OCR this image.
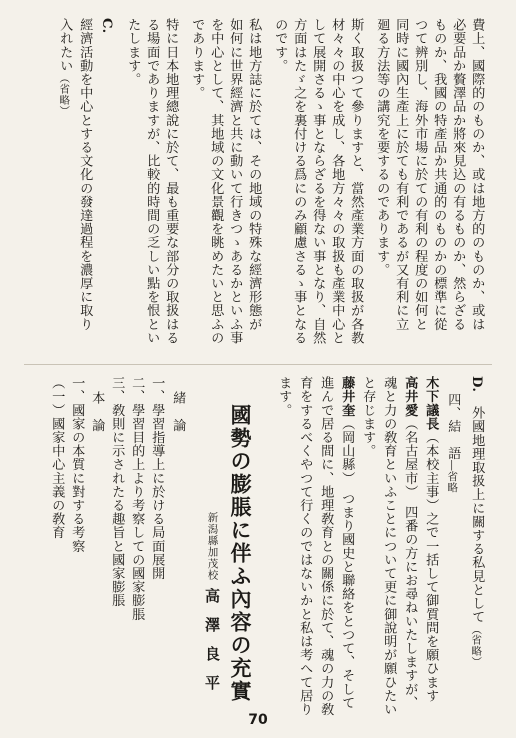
費上、國際的のものか、或は地方的のものか、或は
必要品か贅澤品か將來見込の有るものか、然らざる
ものか、我國の特產品か共通的のものかの標準に從
つて辨別し、海外市場に於ての有利の程度の如何と
同時に國內生產上に於ても有利であるが又有利に立
廻る方法等の講究を要するのであります。
斯く取扱つて參りますと、當然產業方面の取扱が各教
材々々の中心を成し、各地方々々の取扱も產業中心と
して展開さるゝ事とならざるを得ない事となり、自然
方面はたゞ之を裏付ける爲にのみ顧慮さるゝ事となる
のです。
私は地方誌に於ては、その地域の特殊な經濟形態が
如何に世界經濟と共に動いて行きつゝあるかといふ事
を中心として、其地域の文化景觀を眺めたいと思ふの
であります。
特に日本地理總說に於て、最も重要な部分の取扱はる
る場面でありますが、比較的時間の乏しい點を恨とい
たします。
C.
經濟活動を中心とする文化の發達過程を濃厚に取り
入れたい（省略）
D.　外國地理取扱上に關する私見として（省略）
四、結　語―省略
木下議長（本校主事）之で一括して御質問を願ひます
高井愛（名古屋市）　四番の方にお尋ねいたしますが、
魂と力の敎育といふことについて更に御說明が願ひたい
と存じます。
藤井奎（岡山縣）　つまり國史と聯絡をとつて、そして
進んで居る間に、地理敎育との關係に於て、魂の力の敎
育をするべくやつて行くのではないかと私は考へて居り
ます。
國勢の膨脹に伴ふ內容の充實
新潟縣加茂校
高澤良平
緒　論
一、學習指導上に於ける局面展開
二、學習目的上より考察しての國家膨脹
三、敎則に示されたる趣旨と國家膨脹
本　論
一、國家の本質に對する考察
（一）國家中心主義の敎育
70
